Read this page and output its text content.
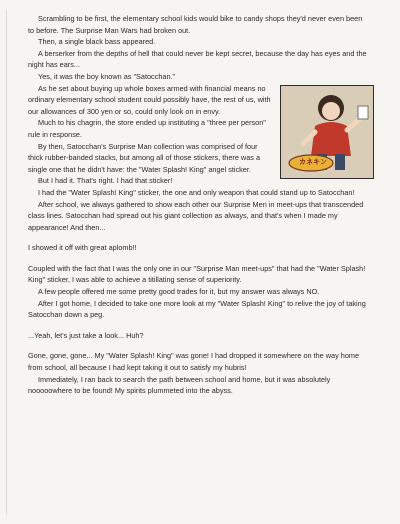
Scrambling to be first, the elementary school kids would bike to candy shops they'd never even been to before. The Surprise Man Wars had broken out.

Then, a single black bass appeared.

A berserker from the depths of hell that could never be kept secret, because the day has eyes and the night has ears...

Yes, it was the boy known as "Satocchan."

カネキン

As he set about buying up whole boxes armed with financial means no ordinary elementary school student could possibly have, the rest of us, with our allowances of 300 yen or so, could only look on in envy.

Much to his chagrin, the store ended up instituting a "three per person" rule in response.

By then, Satocchan's Surprise Man collection was comprised of four thick rubber-banded stacks, but among all of those stickers, there was a single one that he didn't have: the "Water Splash! King" angel sticker.

But I had it. That's right. I had that sticker!

I had the "Water Splash! King" sticker, the one and only weapon that could stand up to Satocchan!

After school, we always gathered to show each other our Surprise Men in meet-ups that transcended class lines. Satocchan had spread out his giant collection as always, and that's when I made my appearance! And then...

I showed it off with great aplomb!!

Coupled with the fact that I was the only one in our "Surprise Man meet-ups" that had the "Water Splash! King" sticker, I was able to achieve a titillating sense of superiority.

A few people offered me some pretty good trades for it, but my answer was always NO.

After I got home, I decided to take one more look at my "Water Splash! King" to relive the joy of taking Satocchan down a peg.

...Yeah, let's just take a look... Huh?

Gone, gone, gone... My "Water Splash! King" was gone! I had dropped it somewhere on the way home from school, all because I had kept taking it out to satisfy my hubris!

Immediately, I ran back to search the path between school and home, but it was absolutely nooooowhere to be found! My spirits plummeted into the abyss.
